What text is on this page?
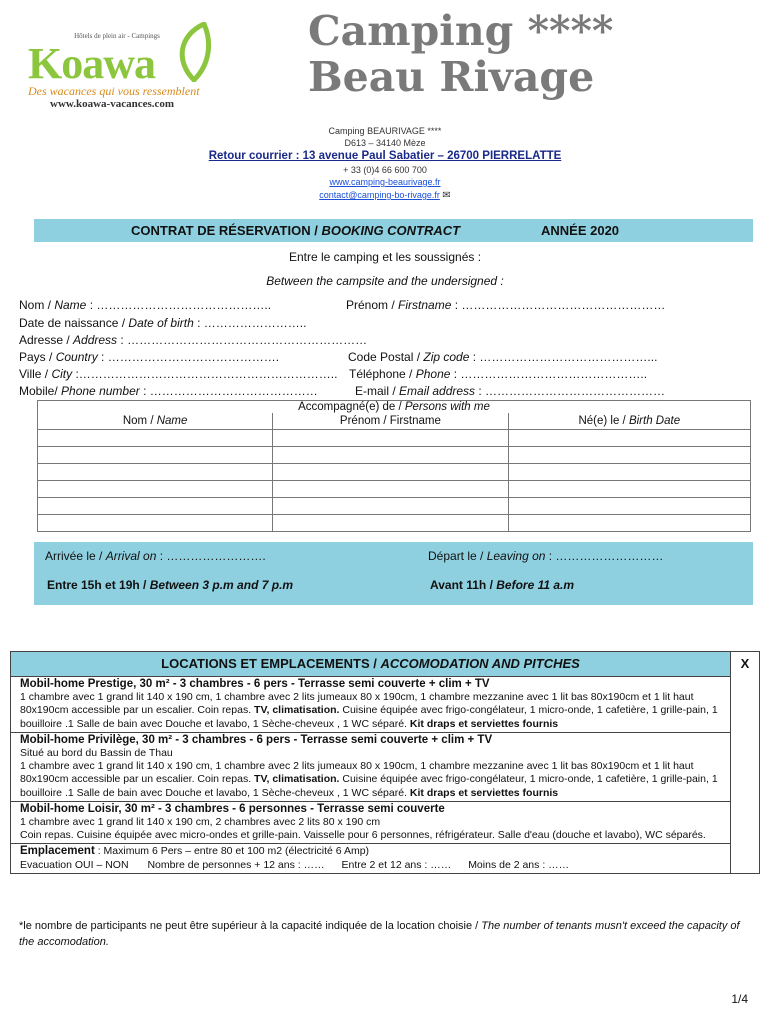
Hôtels de plein air - Campings
Koawa
Des wacances qui vous ressemblent
www.koawa-vacances.com
Camping ****
Beau Rivage
Camping BEAURIVAGE ****
D613 – 34140 Mèze
Retour courrier : 13 avenue Paul Sabatier – 26700 PIERRELATTE
+ 33 (0)4 66 600 700
www.camping-beaurivage.fr
contact@camping-bo-rivage.fr ✉
CONTRAT DE RÉSERVATION / BOOKING CONTRACT	ANNÉE 2020
Entre le camping et les soussignés :
Between the campsite and the undersigned :
Nom / Name : ……………………………………..	Prénom / Firstname : ……………………………………………
Date de naissance / Date of birth : ……………………..
Adresse / Address : ……………………………………………………
Pays / Country : …………………………………….	Code Postal / Zip code : ……………………………………...
Ville / City :……………………………………………………….. Téléphone / Phone : ………………………………………..
Mobile/ Phone number : ……………………………………	E-mail / Email address : ………………………………………
Accompagné(e) de / Persons with me		
Nom / Name	Prénom / Firstname	Né(e) le / Birth Date

Arrivée le / Arrival on : …………………….	Départ le / Leaving on : ………………………
Entre 15h et 19h / Between 3 p.m and 7 p.m	Avant 11h / Before 11 a.m
LOCATIONS ET EMPLACEMENTS / ACCOMODATION AND PITCHES	X

Mobil-home Prestige, 30 m² - 3 chambres - 6 pers - Terrasse semi couverte + clim + TV
1 chambre avec 1 grand lit 140 x 190 cm, 1 chambre avec 2 lits jumeaux 80 x 190cm, 1 chambre mezzanine avec 1 lit bas 80x190cm et 1 lit haut 80x190cm accessible par un escalier. Coin repas. TV, climatisation. Cuisine équipée avec frigo-congélateur, 1 micro-onde, 1 cafetière, 1 grille-pain, 1 bouilloire .1 Salle de bain avec Douche et lavabo, 1 Sèche-cheveux , 1 WC séparé. Kit draps et serviettes fournis

Mobil-home Privilège, 30 m² - 3 chambres - 6 pers - Terrasse semi couverte + clim + TV
Situé au bord du Bassin de Thau
1 chambre avec 1 grand lit 140 x 190 cm, 1 chambre avec 2 lits jumeaux 80 x 190cm, 1 chambre mezzanine avec 1 lit bas 80x190cm et 1 lit haut 80x190cm accessible par un escalier. Coin repas. TV, climatisation. Cuisine équipée avec frigo-congélateur, 1 micro-onde, 1 cafetière, 1 grille-pain, 1 bouilloire .1 Salle de bain avec Douche et lavabo, 1 Sèche-cheveux , 1 WC séparé. Kit draps et serviettes fournis

Mobil-home Loisir, 30 m² - 3 chambres - 6 personnes - Terrasse semi couverte
1 chambre avec 1 grand lit 140 x 190 cm, 2 chambres avec 2 lits 80 x 190 cm
Coin repas. Cuisine équipée avec micro-ondes et grille-pain. Vaisselle pour 6 personnes, réfrigérateur. Salle d'eau (douche et lavabo), WC séparés.

Emplacement : Maximum 6 Pers – entre 80 et 100 m2 (électricité 6 Amp)
Evacuation OUI – NON Nombre de personnes + 12 ans : …… Entre 2 et 12 ans : …… Moins de 2 ans : ……
*le nombre de participants ne peut être supérieur à la capacité indiquée de la location choisie / The number of tenants musn't exceed the capacity of the accomodation.
1/4
